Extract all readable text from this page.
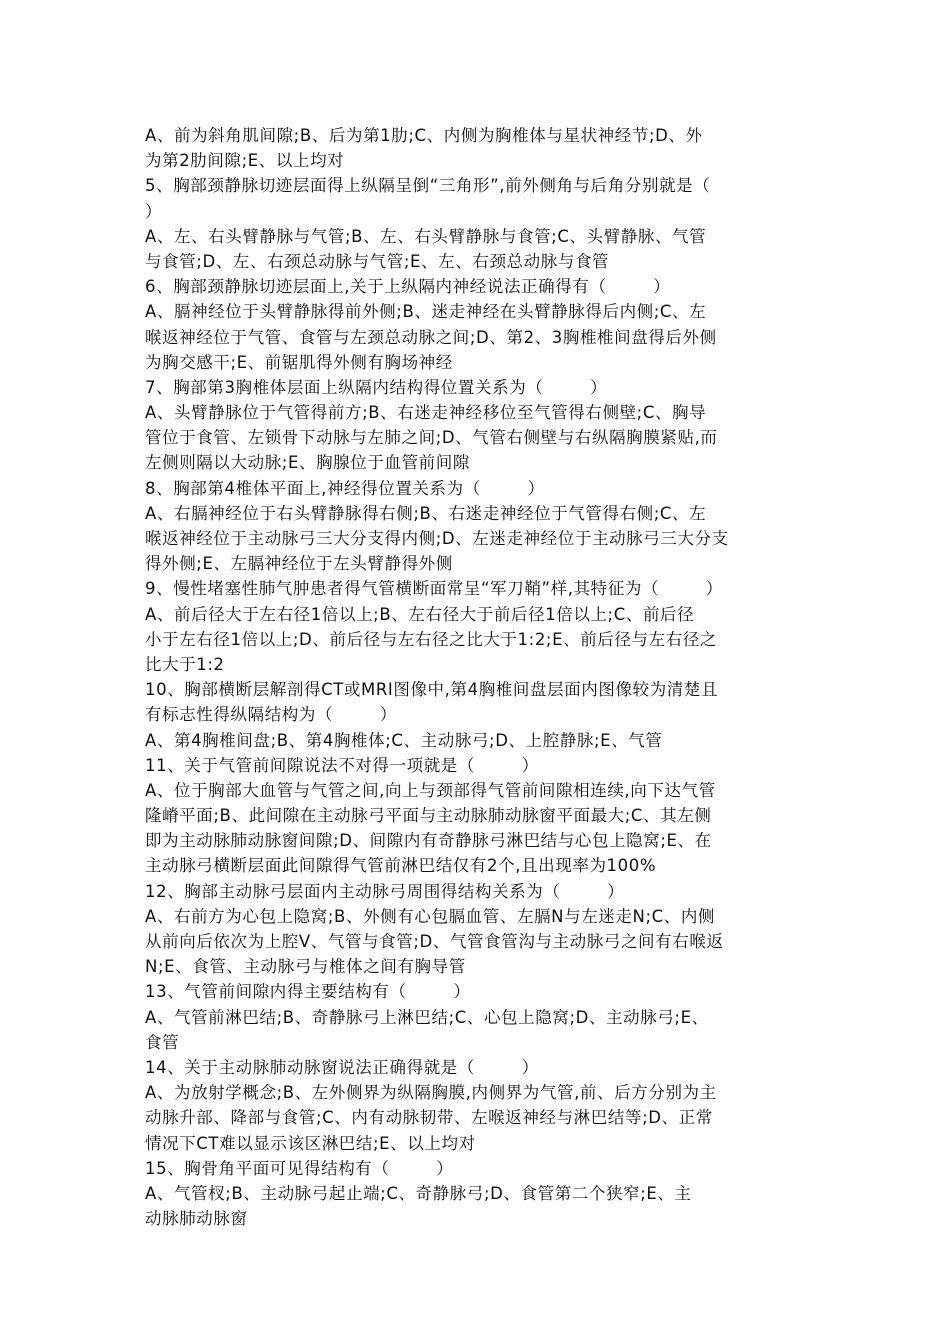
A、前为斜角肌间隙;B、后为第1肋;C、内侧为胸椎体与星状神经节;D、外
为第2肋间隙;E、以上均对
5、胸部颈静脉切迹层面得上纵隔呈倒“三角形”,前外侧角与后角分别就是（
）
A、左、右头臂静脉与气管;B、左、右头臂静脉与食管;C、头臂静脉、气管
与食管;D、左、右颈总动脉与气管;E、左、右颈总动脉与食管
6、胸部颈静脉切迹层面上,关于上纵隔内神经说法正确得有（        ）
A、膈神经位于头臂静脉得前外侧;B、迷走神经在头臂静脉得后内侧;C、左
喉返神经位于气管、食管与左颈总动脉之间;D、第2、3胸椎椎间盘得后外侧
为胸交感干;E、前锯肌得外侧有胸场神经
7、胸部第3胸椎体层面上纵隔内结构得位置关系为（        ）
A、头臂静脉位于气管得前方;B、右迷走神经移位至气管得右侧壁;C、胸导
管位于食管、左锁骨下动脉与左肺之间;D、气管右侧壁与右纵隔胸膜紧贴,而
左侧则隔以大动脉;E、胸腺位于血管前间隙
8、胸部第4椎体平面上,神经得位置关系为（        ）
A、右膈神经位于右头臂静脉得右侧;B、右迷走神经位于气管得右侧;C、左
喉返神经位于主动脉弓三大分支得内侧;D、左迷走神经位于主动脉弓三大分支
得外侧;E、左膈神经位于左头臂静得外侧
9、慢性堵塞性肺气肿患者得气管横断面常呈“军刀鞘”样,其特征为（        ）
A、前后径大于左右径1倍以上;B、左右径大于前后径1倍以上;C、前后径
小于左右径1倍以上;D、前后径与左右径之比大于1:2;E、前后径与左右径之
比大于1:2
10、胸部横断层解剖得CT或MRI图像中,第4胸椎间盘层面内图像较为清楚且
有标志性得纵隔结构为（        ）
A、第4胸椎间盘;B、第4胸椎体;C、主动脉弓;D、上腔静脉;E、气管
11、关于气管前间隙说法不对得一项就是（        ）
A、位于胸部大血管与气管之间,向上与颈部得气管前间隙相连续,向下达气管
隆嵴平面;B、此间隙在主动脉弓平面与主动脉肺动脉窗平面最大;C、其左侧
即为主动脉肺动脉窗间隙;D、间隙内有奇静脉弓淋巴结与心包上隐窝;E、在
主动脉弓横断层面此间隙得气管前淋巴结仅有2个,且出现率为100%
12、胸部主动脉弓层面内主动脉弓周围得结构关系为（        ）
A、右前方为心包上隐窝;B、外侧有心包膈血管、左膈N与左迷走N;C、内侧
从前向后依次为上腔V、气管与食管;D、气管食管沟与主动脉弓之间有右喉返
N;E、食管、主动脉弓与椎体之间有胸导管
13、气管前间隙内得主要结构有（        ）
A、气管前淋巴结;B、奇静脉弓上淋巴结;C、心包上隐窝;D、主动脉弓;E、
食管
14、关于主动脉肺动脉窗说法正确得就是（        ）
A、为放射学概念;B、左外侧界为纵隔胸膜,内侧界为气管,前、后方分别为主
动脉升部、降部与食管;C、内有动脉韧带、左喉返神经与淋巴结等;D、正常
情况下CT难以显示该区淋巴结;E、以上均对
15、胸骨角平面可见得结构有（        ）
A、气管杈;B、主动脉弓起止端;C、奇静脉弓;D、食管第二个狭窄;E、主
动脉肺动脉窗
